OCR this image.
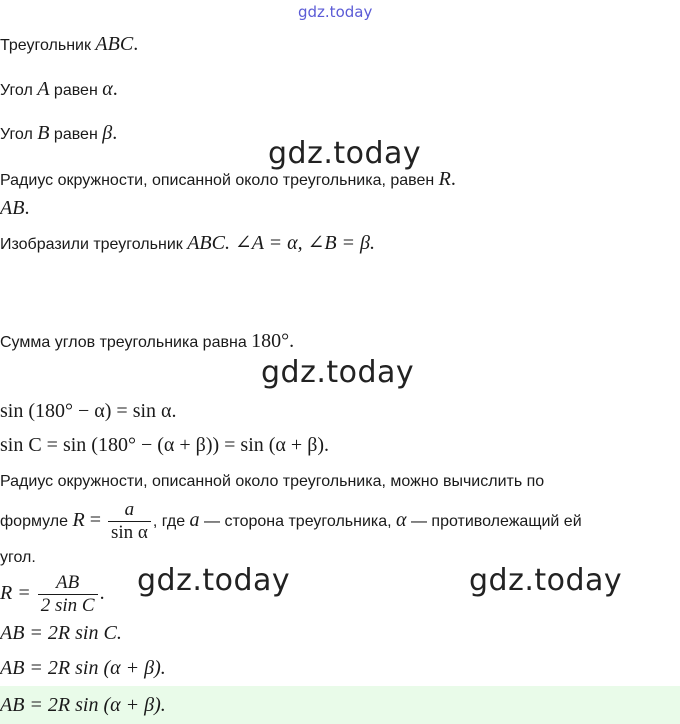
gdz.today
Треугольник ABC.
Угол A равен α.
Угол B равен β.
gdz.today
Радиус окружности, описанной около треугольника, равен R.
AB.
Изобразили треугольник ABC. ∠A = α, ∠B = β.
Сумма углов треугольника равна 180°.
gdz.today
sin (180° − α) = sin α.
sin C = sin (180° − (α + β)) = sin (α + β).
Радиус окружности, описанной около треугольника, можно вычислить по
формуле $R = \frac{a}{\text{sin α}}$ , где a — сторона треугольника, α — противолежащий ей
угол.
$R = \frac{AB}{\text{2 sin C}}$ . gdz.today	gdz.today
AB = 2R sin C.
AB = 2R sin (α + β).
AB = 2R sin (α + β).
